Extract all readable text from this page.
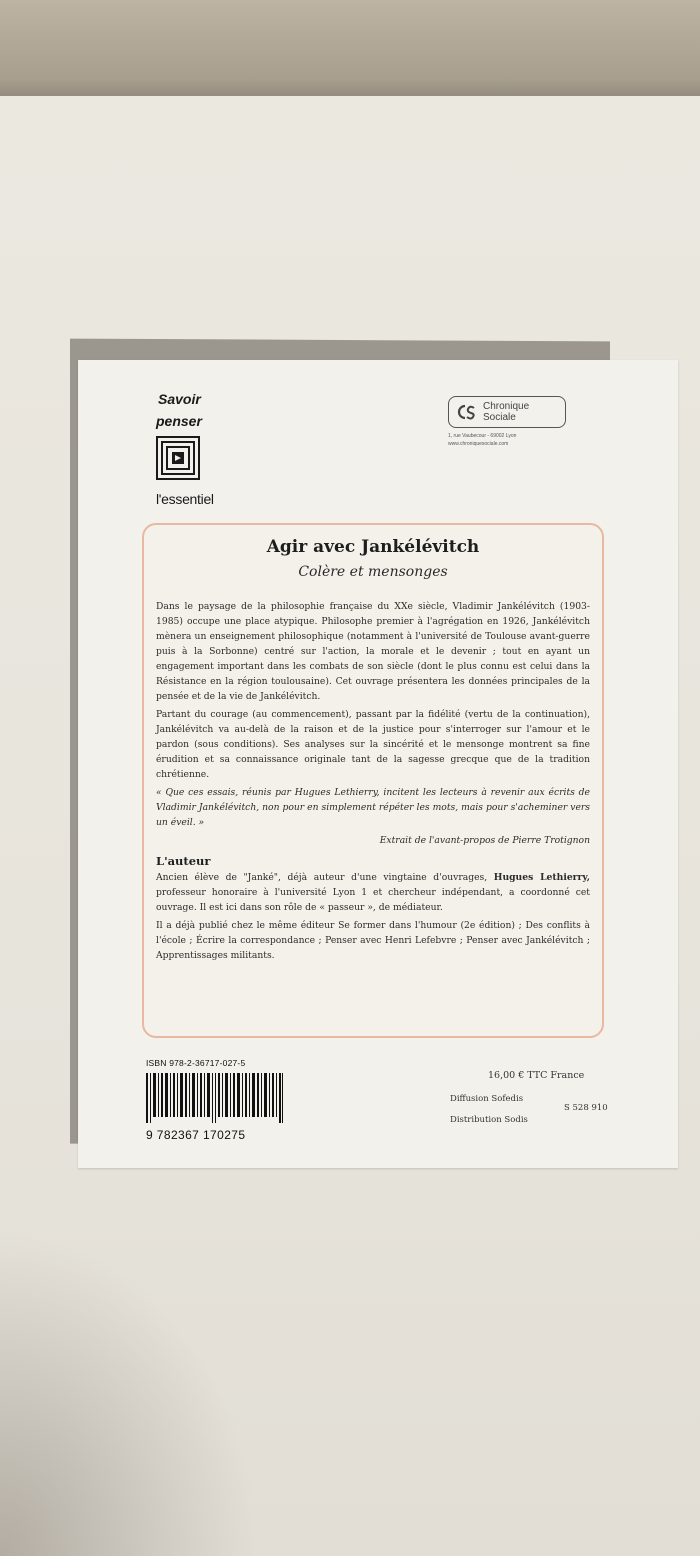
Savoir
penser
l'essentiel
Chronique
Sociale
1, rue Vaubecour - 69002 Lyon
www.chroniquesociale.com
Agir avec Jankélévitch
Colère et mensonges

Dans le paysage de la philosophie française du XXe siècle, Vladimir Jankélévitch (1903-1985) occupe une place atypique. Philosophe premier à l'agrégation en 1926, Jankélévitch mènera un enseignement philosophique (notamment à l'université de Toulouse avant-guerre puis à la Sorbonne) centré sur l'action, la morale et le devenir ; tout en ayant un engagement important dans les combats de son siècle (dont le plus connu est celui dans la Résistance en la région toulousaine). Cet ouvrage présentera les données principales de la pensée et de la vie de Jankélévitch.

Partant du courage (au commencement), passant par la fidélité (vertu de la continuation), Jankélévitch va au-delà de la raison et de la justice pour s'interroger sur l'amour et le pardon (sous conditions). Ses analyses sur la sincérité et le mensonge montrent sa fine érudition et sa connaissance originale tant de la sagesse grecque que de la tradition chrétienne.

« Que ces essais, réunis par Hugues Lethierry, incitent les lecteurs à revenir aux écrits de Vladimir Jankélévitch, non pour en simplement répéter les mots, mais pour s'acheminer vers un éveil. »

Extrait de l'avant-propos de Pierre Trotignon

L'auteur

Ancien élève de "Janké", déjà auteur d'une vingtaine d'ouvrages, Hugues Lethierry, professeur honoraire à l'université Lyon 1 et chercheur indépendant, a coordonné cet ouvrage. Il est ici dans son rôle de « passeur », de médiateur.

Il a déjà publié chez le même éditeur Se former dans l'humour (2e édition) ; Des conflits à l'école ; Écrire la correspondance ; Penser avec Henri Lefebvre ; Penser avec Jankélévitch ; Apprentissages militants.

ISBN 978-2-36717-027-5
9 782367 170275
16,00 € TTC France
Diffusion Sofedis
S 528 910
Distribution Sodis
